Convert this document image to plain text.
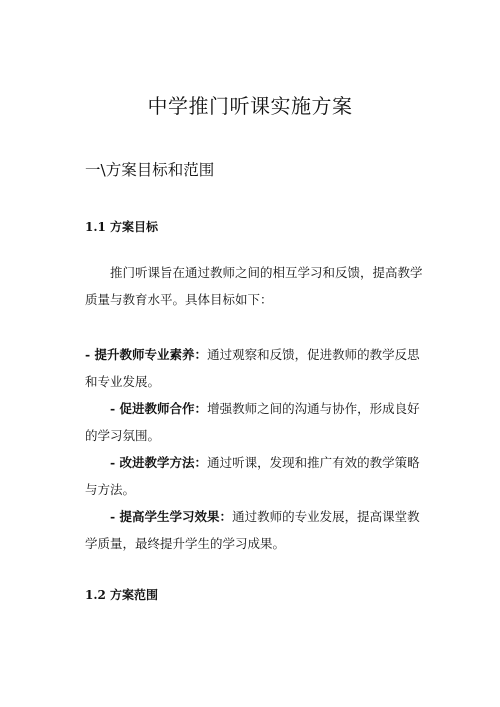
中学推门听课实施方案
一\方案目标和范围
1.1 方案目标
推门听课旨在通过教师之间的相互学习和反馈，提高教学质量与教育水平。具体目标如下：
- 提升教师专业素养：通过观察和反馈，促进教师的教学反思和专业发展。
- 促进教师合作：增强教师之间的沟通与协作，形成良好的学习氛围。
- 改进教学方法：通过听课，发现和推广有效的教学策略与方法。
- 提高学生学习效果：通过教师的专业发展，提高课堂教学质量，最终提升学生的学习成果。
1.2 方案范围
